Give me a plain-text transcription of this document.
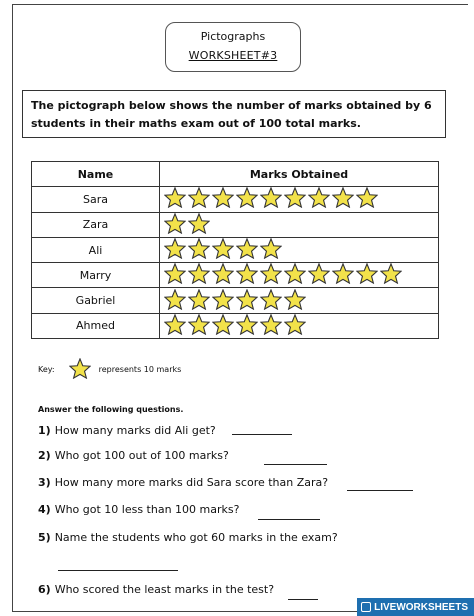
Pictographs
WORKSHEET#3
The pictograph below shows the number of marks obtained by 6 students in their maths exam out of 100 total marks.
Name	Marks Obtained
Sara	
Zara	
Ali	
Marry	
Gabriel	
Ahmed	
Key:	represents 10 marks
Answer the following questions.
1) How many marks did Ali get?
2) Who got 100 out of 100 marks?
3) How many more marks did Sara score than Zara?
4) Who got 10 less than 100 marks?
5) Name the students who got 60 marks in the exam?
6) Who scored the least marks in the test?
LIVEWORKSHEETS
